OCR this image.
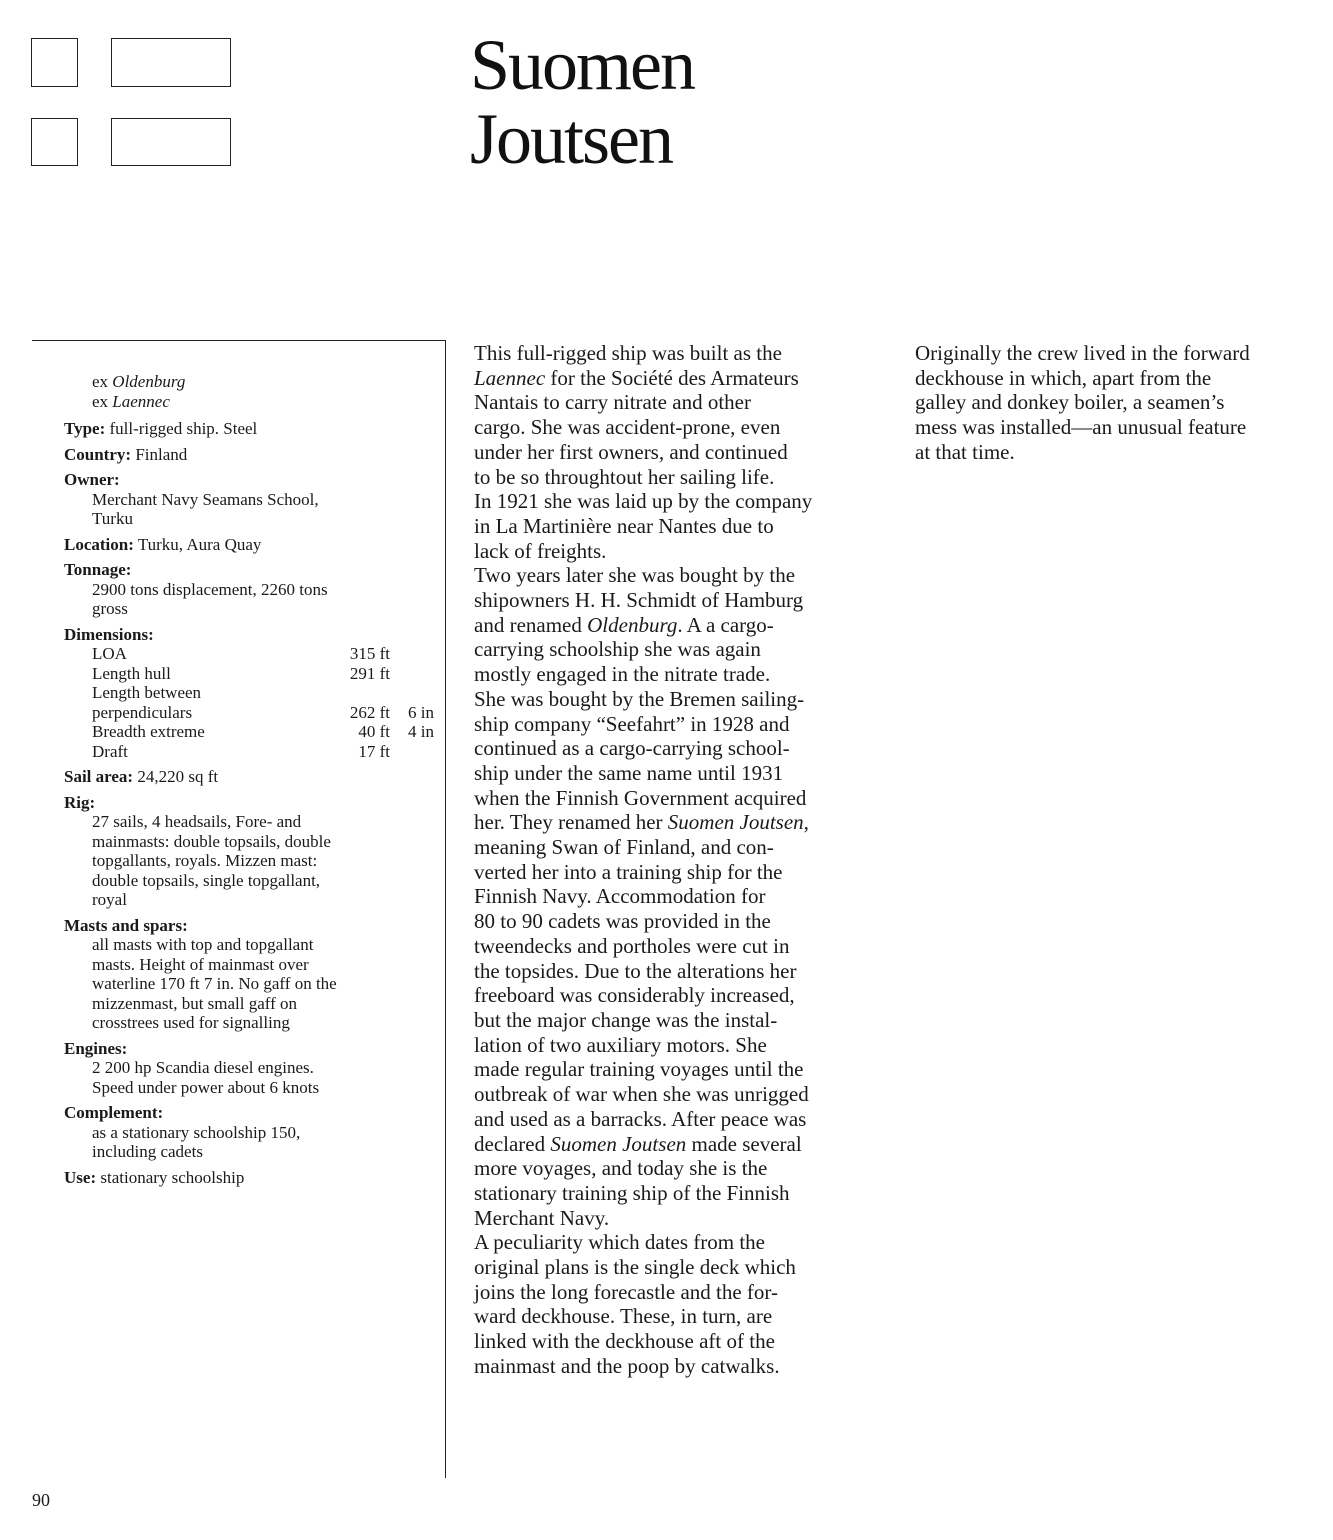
Suomen
Joutsen
ex Oldenburg
ex Laennec
Type: full-rigged ship. Steel
Country: Finland
Owner:
Merchant Navy Seamans School,
Turku
Location: Turku, Aura Quay
Tonnage:
2900 tons displacement, 2260 tons
gross
Dimensions:
LOA	315 ft
Length hull	291 ft
Length between
perpendiculars	262 ft 6 in
Breadth extreme	40 ft 4 in
Draft	17 ft
Sail area: 24,220 sq ft
Rig:
27 sails, 4 headsails, Fore- and
mainmasts: double topsails, double
topgallants, royals. Mizzen mast:
double topsails, single topgallant,
royal
Masts and spars:
all masts with top and topgallant
masts. Height of mainmast over
waterline 170 ft 7 in. No gaff on the
mizzenmast, but small gaff on
crosstrees used for signalling
Engines:
2 200 hp Scandia diesel engines.
Speed under power about 6 knots
Complement:
as a stationary schoolship 150,
including cadets
Use: stationary schoolship

This full-rigged ship was built as the

Laennec for the Société des Armateurs

Nantais to carry nitrate and other

cargo. She was accident-prone, even

under her first owners, and continued

to be so throughtout her sailing life.

In 1921 she was laid up by the company

in La Martinière near Nantes due to

lack of freights.

Two years later she was bought by the

shipowners H. H. Schmidt of Hamburg

and renamed Oldenburg. A a cargo-

carrying schoolship she was again

mostly engaged in the nitrate trade.

She was bought by the Bremen sailing-

ship company “Seefahrt” in 1928 and

continued as a cargo-carrying school-

ship under the same name until 1931

when the Finnish Government acquired

her. They renamed her Suomen Joutsen,

meaning Swan of Finland, and con-

verted her into a training ship for the

Finnish Navy. Accommodation for

80 to 90 cadets was provided in the

tweendecks and portholes were cut in

the topsides. Due to the alterations her

freeboard was considerably increased,

but the major change was the instal-

lation of two auxiliary motors. She

made regular training voyages until the

outbreak of war when she was unrigged

and used as a barracks. After peace was

declared Suomen Joutsen made several

more voyages, and today she is the

stationary training ship of the Finnish

Merchant Navy.

A peculiarity which dates from the

original plans is the single deck which

joins the long forecastle and the for-

ward deckhouse. These, in turn, are

linked with the deckhouse aft of the

mainmast and the poop by catwalks.

Originally the crew lived in the forward

deckhouse in which, apart from the

galley and donkey boiler, a seamen’s

mess was installed—an unusual feature

at that time.

90
